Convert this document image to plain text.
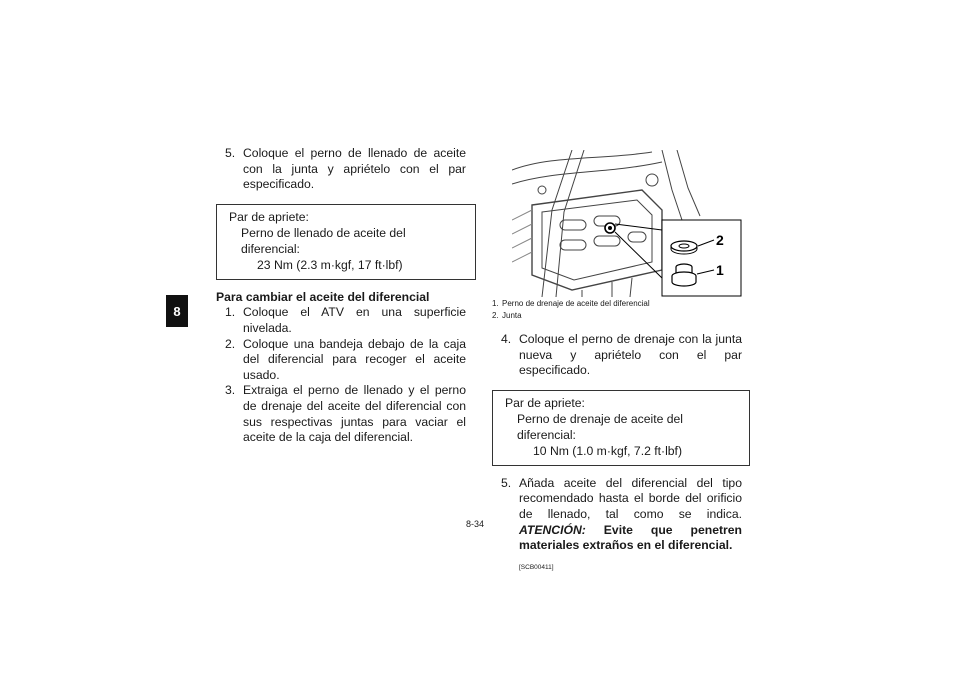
8

5. Coloque el perno de llenado de aceite con la junta y apriételo con el par especificado.

Par de apriete:
Perno de llenado de aceite del diferencial:
23 Nm (2.3 m·kgf, 17 ft·lbf)
Para cambiar el aceite del diferencial

1. Coloque el ATV en una superficie nivelada.

2. Coloque una bandeja debajo de la caja del diferencial para recoger el aceite usado.

3. Extraiga el perno de llenado y el perno de drenaje del aceite del diferencial con sus respectivas juntas para vaciar el aceite de la caja del diferencial.

2
1
1. Perno de drenaje de aceite del diferencial
2. Junta

4. Coloque el perno de drenaje con la junta nueva y apriételo con el par especificado.

Par de apriete:
Perno de drenaje de aceite del diferencial:
10 Nm (1.0 m·kgf, 7.2 ft·lbf)

5. Añada aceite del diferencial del tipo recomendado hasta el borde del orificio de llenado, tal como se indica. ATENCIÓN: Evite que penetren materiales extraños en el diferencial.

[SCB00411]
8-34
